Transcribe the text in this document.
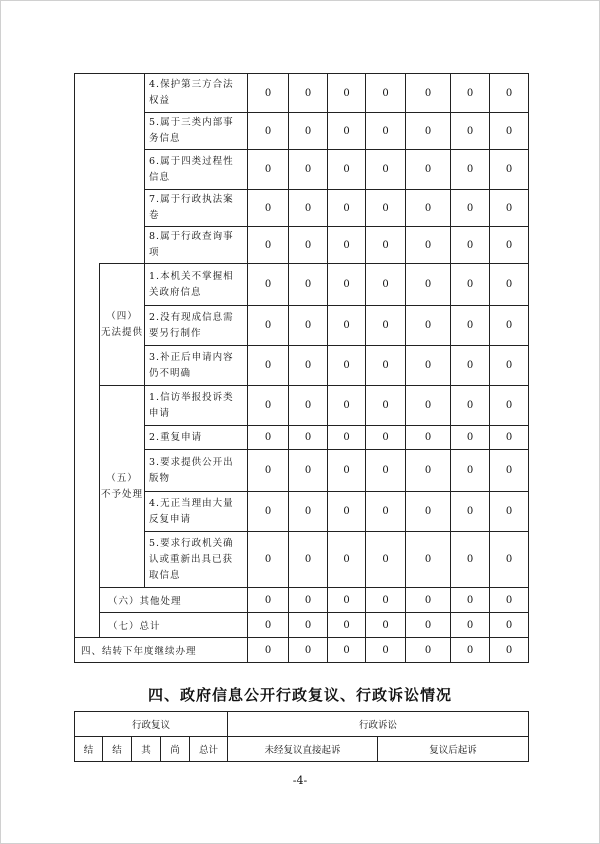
		4.保护第三方合法权益	0	0	0	0	0	0	0
		5.属于三类内部事务信息	0	0	0	0	0	0	0
		6.属于四类过程性信息	0	0	0	0	0	0	0
		7.属于行政执法案卷	0	0	0	0	0	0	0
		8.属于行政查询事项	0	0	0	0	0	0	0

	（四）
无法提供	1.本机关不掌握相关政府信息	0	0	0	0	0	0	0
		2.没有现成信息需要另行制作	0	0	0	0	0	0	0
		3.补正后申请内容仍不明确	0	0	0	0	0	0	0

	（五）
不予处理	1.信访举报投诉类申请	0	0	0	0	0	0	0
		2.重复申请	0	0	0	0	0	0	0
		3.要求提供公开出版物	0	0	0	0	0	0	0
		4.无正当理由大量反复申请	0	0	0	0	0	0	0
		5.要求行政机关确认或重新出具已获取信息	0	0	0	0	0	0	0
	（六）其他处理		0	0	0	0	0	0	0
	（七）总计		0	0	0	0	0	0	0
四、结转下年度继续办理			0	0	0	0	0	0	0
四、政府信息公开行政复议、行政诉讼情况
行政复议					行政诉讼	
结	结	其	尚	总计	未经复议直接起诉	复议后起诉
-4-
